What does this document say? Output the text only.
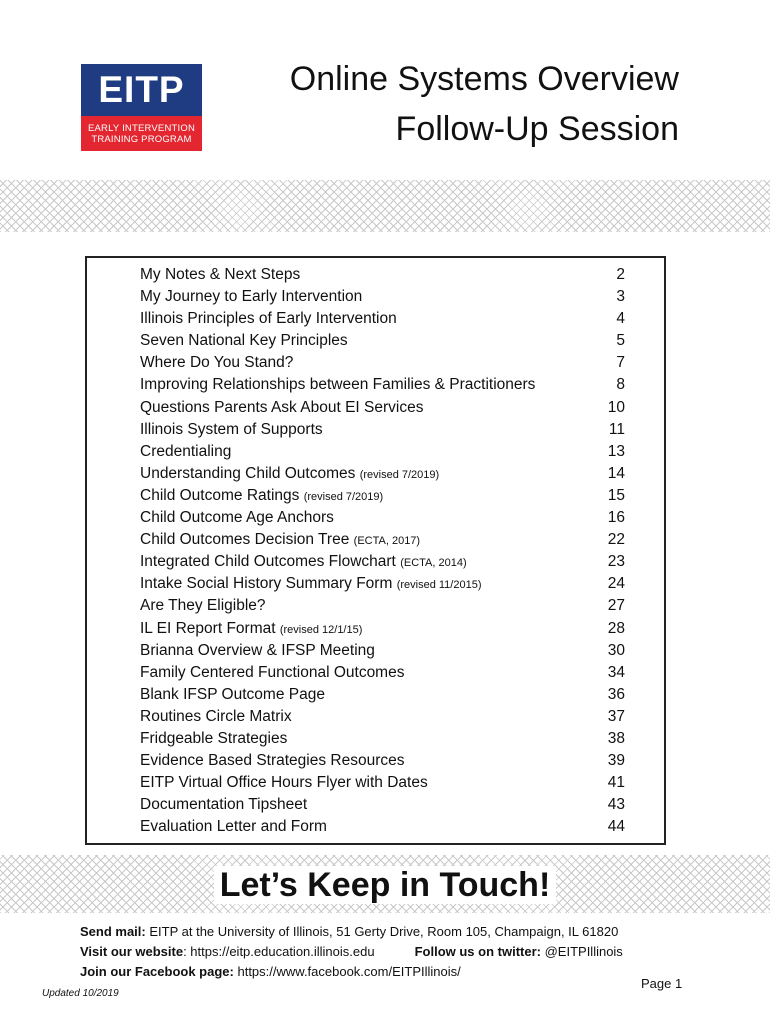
EITP
EARLY INTERVENTION
TRAINING PROGRAM
Online Systems Overview
Follow-Up Session
My Notes & Next Steps	2
My Journey to Early Intervention	3
Illinois Principles of Early Intervention	4
Seven National Key Principles	5
Where Do You Stand?	7
Improving Relationships between Families & Practitioners	8
Questions Parents Ask About EI Services	10
Illinois System of Supports	11
Credentialing	13
Understanding Child Outcomes (revised 7/2019)	14
Child Outcome Ratings (revised 7/2019)	15
Child Outcome Age Anchors	16
Child Outcomes Decision Tree (ECTA, 2017)	22
Integrated Child Outcomes Flowchart (ECTA, 2014)	23
Intake Social History Summary Form (revised 11/2015)	24
Are They Eligible?	27
IL EI Report Format (revised 12/1/15)	28
Brianna Overview & IFSP Meeting	30
Family Centered Functional Outcomes	34
Blank IFSP Outcome Page	36
Routines Circle Matrix	37
Fridgeable Strategies	38
Evidence Based Strategies Resources	39
EITP Virtual Office Hours Flyer with Dates	41
Documentation Tipsheet	43
Evaluation Letter and Form	44
Let’s Keep in Touch!
Send mail: EITP at the University of Illinois, 51 Gerty Drive, Room 105, Champaign, IL 61820
Visit our website: https://eitp.education.illinois.edu	Follow us on twitter: @EITPIllinois
Join our Facebook page: https://www.facebook.com/EITPIllinois/
Page 1
Updated 10/2019
